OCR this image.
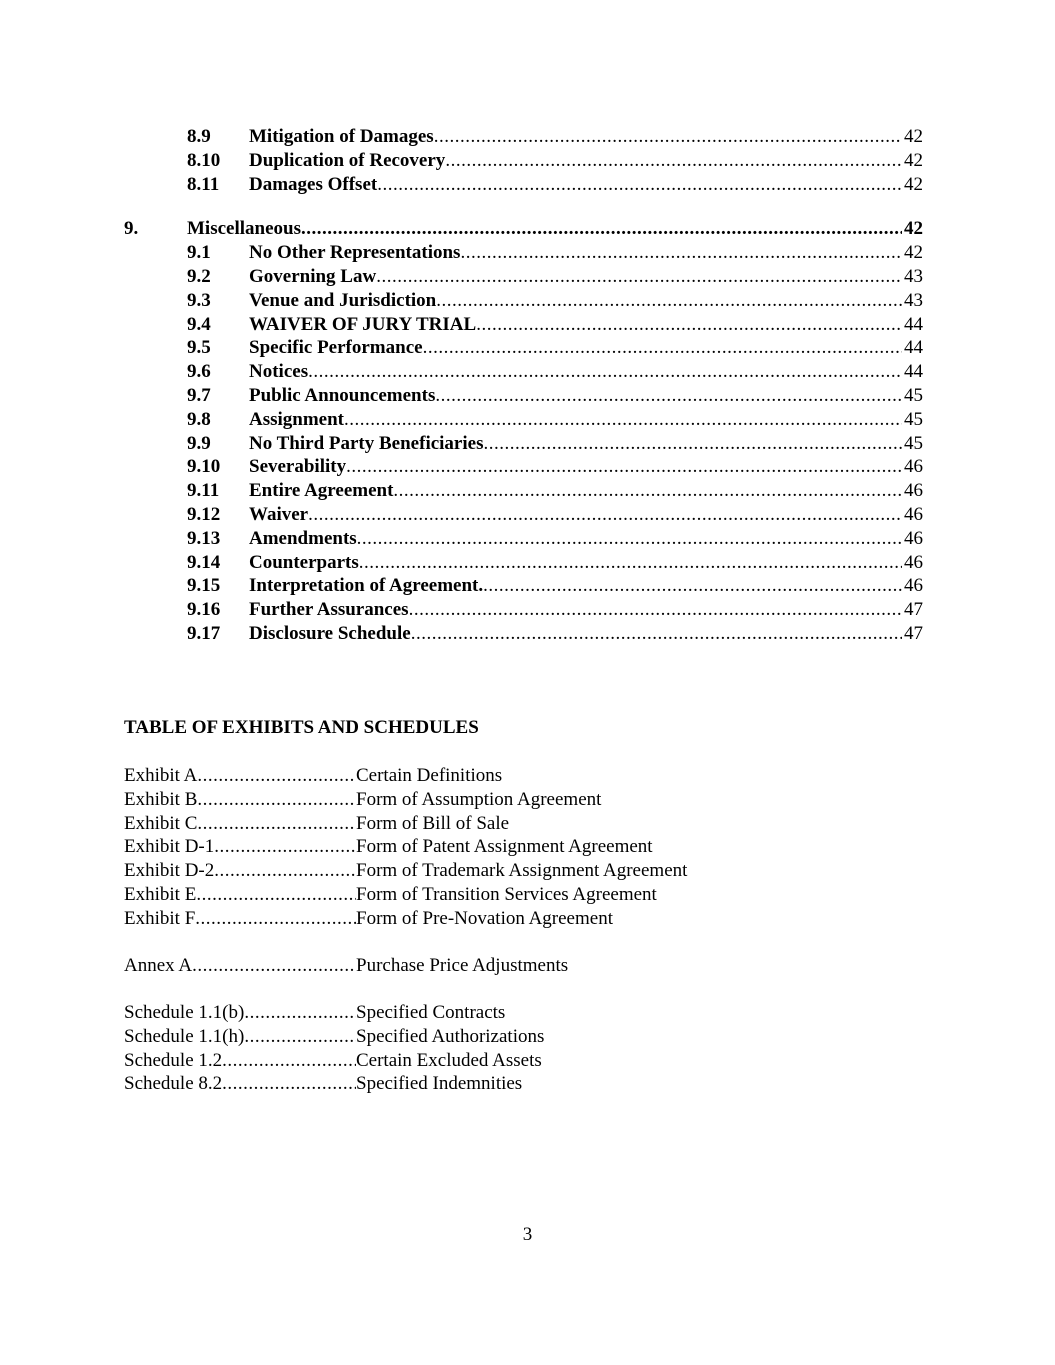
8.9	Mitigation of Damages .....	42
8.10	Duplication of Recovery .....	42
8.11	Damages Offset .....	42
9.	Miscellaneous .....	42
9.1	No Other Representations .....	42
9.2	Governing Law .....	43
9.3	Venue and Jurisdiction .....	43
9.4	WAIVER OF JURY TRIAL .....	44
9.5	Specific Performance .....	44
9.6	Notices .....	44
9.7	Public Announcements .....	45
9.8	Assignment .....	45
9.9	No Third Party Beneficiaries .....	45
9.10	Severability .....	46
9.11	Entire Agreement .....	46
9.12	Waiver .....	46
9.13	Amendments .....	46
9.14	Counterparts .....	46
9.15	Interpretation of Agreement. .....	46
9.16	Further Assurances .....	47
9.17	Disclosure Schedule .....	47
TABLE OF EXHIBITS AND SCHEDULES
Exhibit A .....	Certain Definitions
Exhibit B .....	Form of Assumption Agreement
Exhibit C .....	Form of Bill of Sale
Exhibit D-1 .....	Form of Patent Assignment Agreement
Exhibit D-2 .....	Form of Trademark Assignment Agreement
Exhibit E .....	Form of Transition Services Agreement
Exhibit F .....	Form of Pre-Novation Agreement
Annex A .....	Purchase Price Adjustments
Schedule 1.1(b) .....	Specified Contracts
Schedule 1.1(h) .....	Specified Authorizations
Schedule 1.2 .....	Certain Excluded Assets
Schedule 8.2 .....	Specified Indemnities
3
